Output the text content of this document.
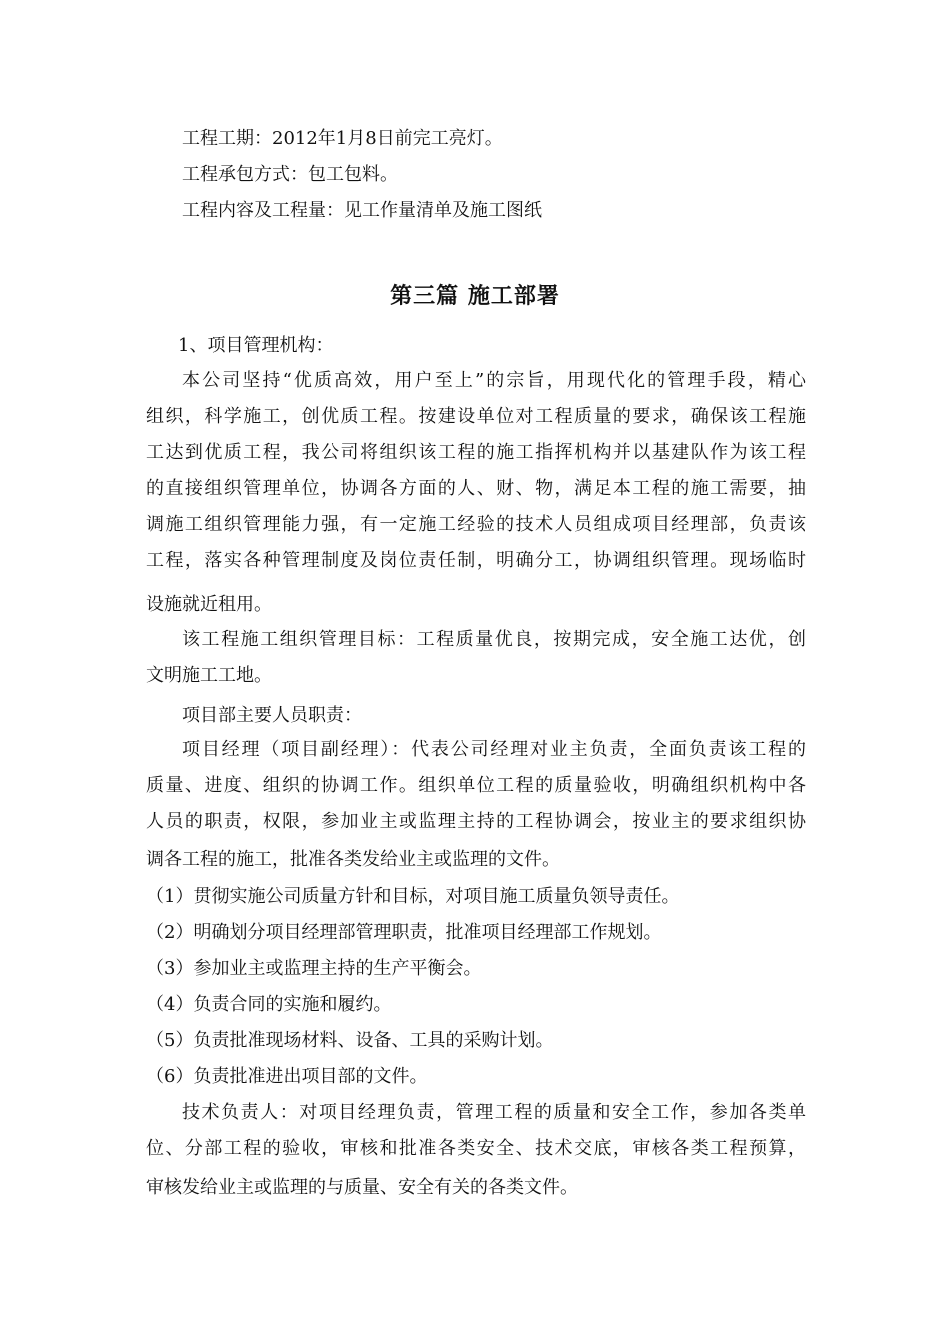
工程工期：2012年1月8日前完工亮灯。
工程承包方式：包工包料。
工程内容及工程量：见工作量清单及施工图纸
第三篇 施工部署
1、项目管理机构：
本公司坚持“优质高效，用户至上”的宗旨，用现代化的管理手段，精心
组织，科学施工，创优质工程。按建设单位对工程质量的要求，确保该工程施
工达到优质工程，我公司将组织该工程的施工指挥机构并以基建队作为该工程
的直接组织管理单位，协调各方面的人、财、物，满足本工程的施工需要，抽
调施工组织管理能力强，有一定施工经验的技术人员组成项目经理部，负责该
工程，落实各种管理制度及岗位责任制，明确分工，协调组织管理。现场临时
设施就近租用。
该工程施工组织管理目标：工程质量优良，按期完成，安全施工达优，创
文明施工工地。
项目部主要人员职责：
项目经理（项目副经理）：代表公司经理对业主负责，全面负责该工程的
质量、进度、组织的协调工作。组织单位工程的质量验收，明确组织机构中各
人员的职责，权限，参加业主或监理主持的工程协调会，按业主的要求组织协
调各工程的施工，批准各类发给业主或监理的文件。
（1）贯彻实施公司质量方针和目标，对项目施工质量负领导责任。
（2）明确划分项目经理部管理职责，批准项目经理部工作规划。
（3）参加业主或监理主持的生产平衡会。
（4）负责合同的实施和履约。
（5）负责批准现场材料、设备、工具的采购计划。
（6）负责批准进出项目部的文件。
技术负责人：对项目经理负责，管理工程的质量和安全工作，参加各类单
位、分部工程的验收，审核和批准各类安全、技术交底，审核各类工程预算，
审核发给业主或监理的与质量、安全有关的各类文件。
